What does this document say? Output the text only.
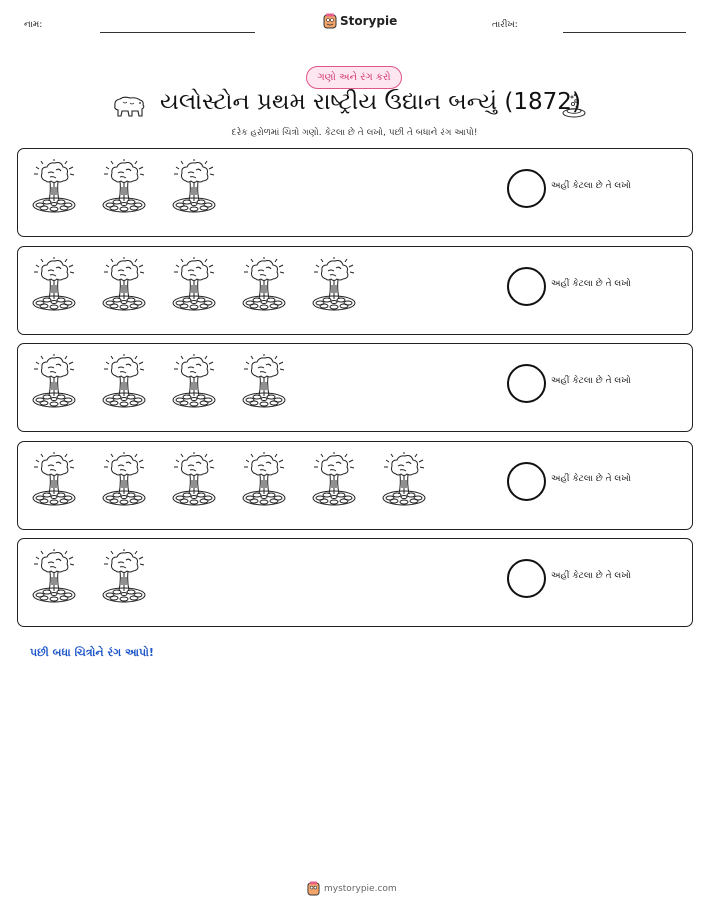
નામ:	Storypie	તારીખ:
ગણો અને રંગ કરો
યલોસ્ટોન પ્રથમ રાષ્ટ્રીય ઉદ્યાન બન્યું (1872)
દરેક હરોળમાં ચિત્રો ગણો. કેટલા છે તે લખો, પછી તે બધાને રંગ આપો!
અહીં કેટલા છે તે લખો
અહીં કેટલા છે તે લખો
અહીં કેટલા છે તે લખો
અહીં કેટલા છે તે લખો
અહીં કેટલા છે તે લખો
પછી બધા ચિત્રોને રંગ આપો!
mystorypie.com
